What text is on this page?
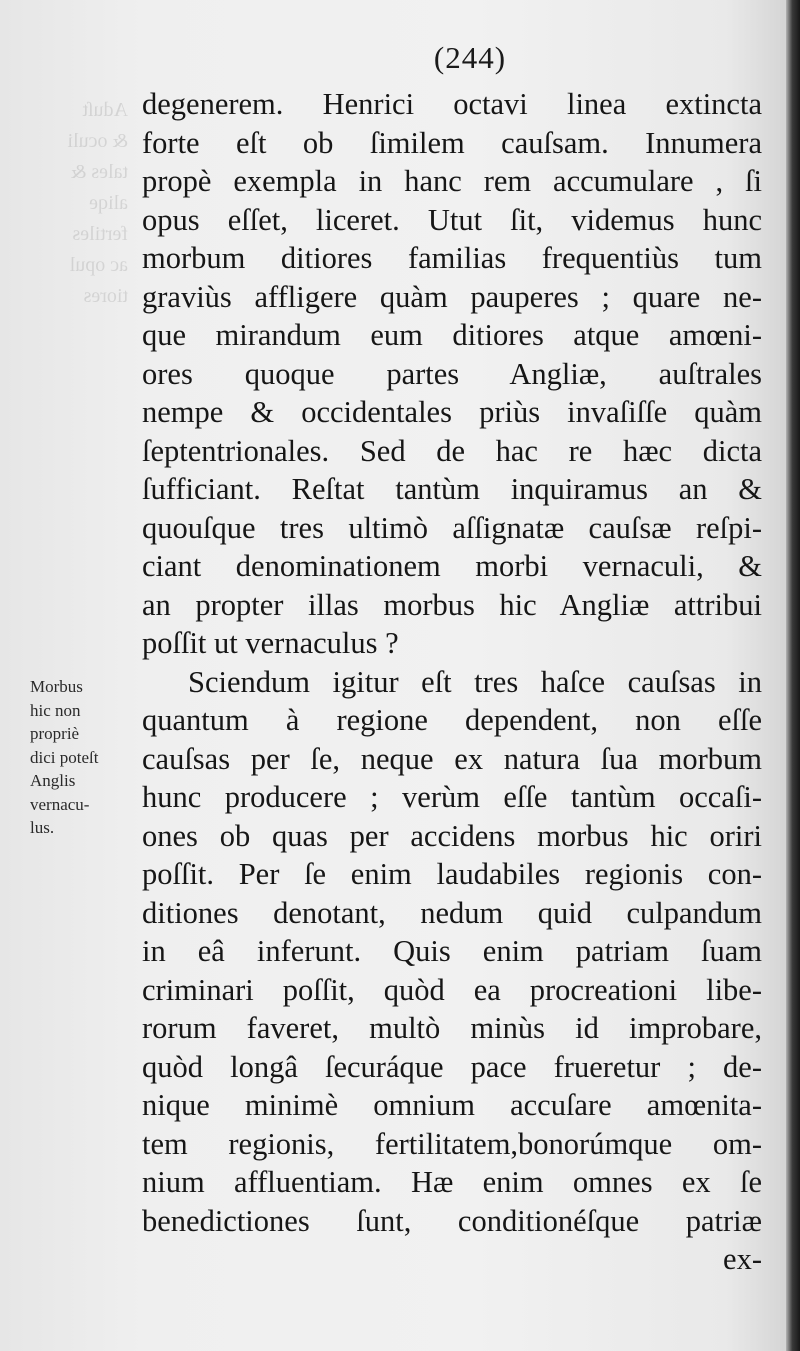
Aduſt
& oculi
tales &
aliqe
fertiles
ac opul
tiores

(244)
degenerem. Henrici octavi linea extincta
forte eſt ob ſimilem cauſsam. Innumera
propè exempla in hanc rem accumulare , ſi
opus eſſet, liceret. Utut ſit, videmus hunc
morbum ditiores familias frequentiùs tum
graviùs affligere quàm pauperes ; quare ne-
que mirandum eum ditiores atque amœni-
ores quoque partes Angliæ, auſtrales
nempe & occidentales priùs invaſiſſe quàm
ſeptentrionales. Sed de hac re hæc dicta
ſufficiant. Reſtat tantùm inquiramus an &
quouſque tres ultimò aſſignatæ cauſsæ reſpi-
ciant denominationem morbi vernaculi, &
an propter illas morbus hic Angliæ attribui
poſſit ut vernaculus ?
Sciendum igitur eſt tres haſce cauſsas in
quantum à regione dependent, non eſſe
cauſsas per ſe, neque ex natura ſua morbum
hunc producere ; verùm eſſe tantùm occaſi-
ones ob quas per accidens morbus hic oriri
poſſit. Per ſe enim laudabiles regionis con-
ditiones denotant, nedum quid culpandum
in eâ inferunt. Quis enim patriam ſuam
criminari poſſit, quòd ea procreationi libe-
rorum faveret, multò minùs id improbare,
quòd longâ ſecuráque pace frueretur ; de-
nique minimè omnium accuſare amœnita-
tem regionis, fertilitatem,bonorúmque om-
nium affluentiam. Hæ enim omnes ex ſe
benedictiones ſunt, conditionéſque patriæ
ex-
Morbus
hic non
propriè
dici poteſt
Anglis
vernacu-
lus.
